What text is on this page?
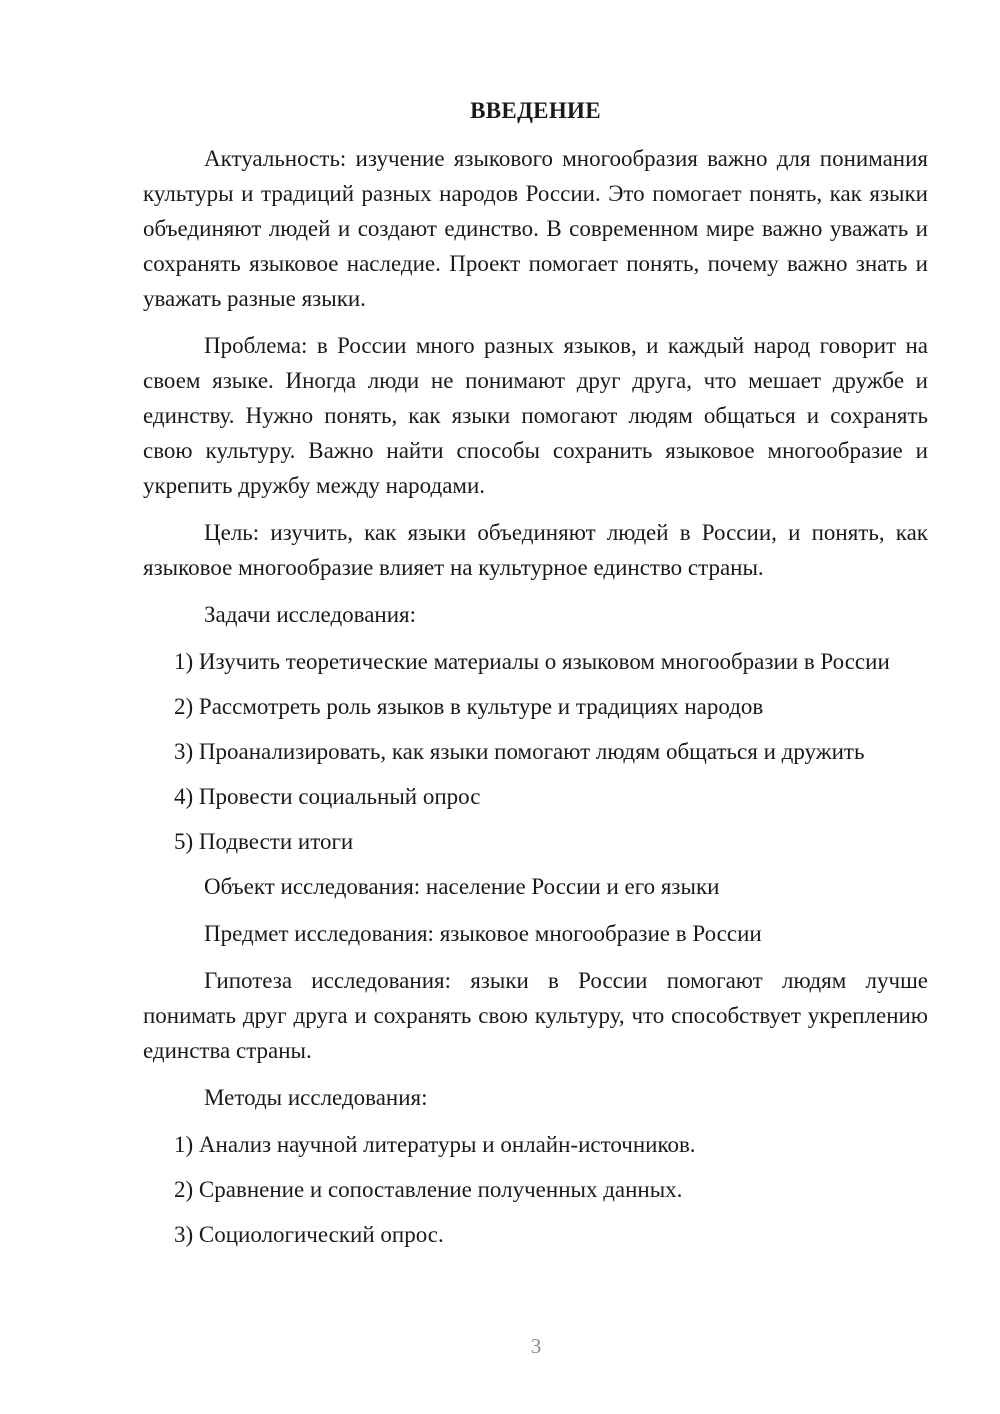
ВВЕДЕНИЕ

Актуальность: изучение языкового многообразия важно для понимания культуры и традиций разных народов России. Это помогает понять, как языки объединяют людей и создают единство. В современном мире важно уважать и сохранять языковое наследие. Проект помогает понять, почему важно знать и уважать разные языки.

Проблема: в России много разных языков, и каждый народ говорит на своем языке. Иногда люди не понимают друг друга, что мешает дружбе и единству. Нужно понять, как языки помогают людям общаться и сохранять свою культуру. Важно найти способы сохранить языковое многообразие и укрепить дружбу между народами.

Цель: изучить, как языки объединяют людей в России, и понять, как языковое многообразие влияет на культурное единство страны.

Задачи исследования:

1) Изучить теоретические материалы о языковом многообразии в России

2) Рассмотреть роль языков в культуре и традициях народов

3) Проанализировать, как языки помогают людям общаться и дружить

4) Провести социальный опрос

5) Подвести итоги

Объект исследования: население России и его языки

Предмет исследования: языковое многообразие в России

Гипотеза исследования: языки в России помогают людям лучше понимать друг друга и сохранять свою культуру, что способствует укреплению единства страны.

Методы исследования:

1) Анализ научной литературы и онлайн-источников.

2) Сравнение и сопоставление полученных данных.

3) Социологический опрос.

3
